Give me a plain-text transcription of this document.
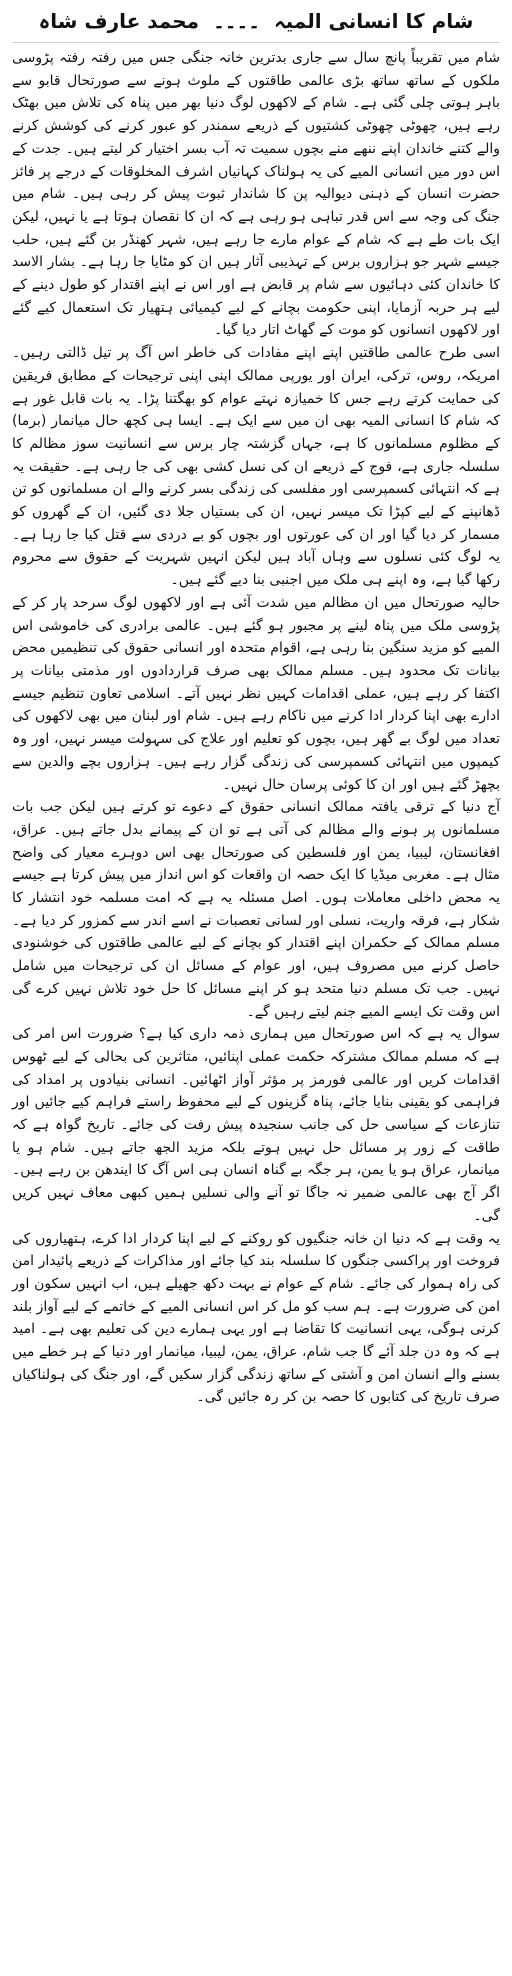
شام کا انسانی المیہ
۔۔۔۔
محمد عارف شاہ

شام میں تقریباً پانچ سال سے جاری بدترین خانہ جنگی جس میں رفتہ رفتہ پڑوسی ملکوں کے ساتھ ساتھ بڑی عالمی طاقتوں کے ملوث ہونے سے صورتحال قابو سے باہر ہوتی چلی گئی ہے۔ شام کے لاکھوں لوگ دنیا بھر میں پناہ کی تلاش میں بھٹک رہے ہیں، چھوٹی چھوٹی کشتیوں کے ذریعے سمندر کو عبور کرنے کی کوشش کرنے والے کتنے خاندان اپنے ننھے منے بچوں سمیت تہ آب بسر اختیار کر لیتے ہیں۔ جدت کے اس دور میں انسانی المیے کی یہ ہولناک کہانیاں اشرف المخلوقات کے درجے پر فائز حضرت انسان کے ذہنی دیوالیہ پن کا شاندار ثبوت پیش کر رہی ہیں۔ شام میں جنگ کی وجہ سے اس قدر تباہی ہو رہی ہے کہ ان کا نقصان ہوتا ہے یا نہیں، لیکن ایک بات طے ہے کہ شام کے عوام مارے جا رہے ہیں، شہر کھنڈر بن گئے ہیں، حلب جیسے شہر جو ہزاروں برس کے تہذیبی آثار ہیں ان کو مٹایا جا رہا ہے۔ بشار الاسد کا خاندان کئی دہائیوں سے شام پر قابض ہے اور اس نے اپنے اقتدار کو طول دینے کے لیے ہر حربہ آزمایا، اپنی حکومت بچانے کے لیے کیمیائی ہتھیار تک استعمال کیے گئے اور لاکھوں انسانوں کو موت کے گھاٹ اتار دیا گیا۔

اسی طرح عالمی طاقتیں اپنے اپنے مفادات کی خاطر اس آگ پر تیل ڈالتی رہیں۔ امریکہ، روس، ترکی، ایران اور یورپی ممالک اپنی اپنی ترجیحات کے مطابق فریقین کی حمایت کرتے رہے جس کا خمیازہ نہتے عوام کو بھگتنا پڑا۔ یہ بات قابل غور ہے کہ شام کا انسانی المیہ بھی ان میں سے ایک ہے۔ ایسا ہی کچھ حال میانمار (برما) کے مظلوم مسلمانوں کا ہے، جہاں گزشتہ چار برس سے انسانیت سوز مظالم کا سلسلہ جاری ہے، فوج کے ذریعے ان کی نسل کشی بھی کی جا رہی ہے۔ حقیقت یہ ہے کہ انتہائی کسمپرسی اور مفلسی کی زندگی بسر کرنے والے ان مسلمانوں کو تن ڈھانپنے کے لیے کپڑا تک میسر نہیں، ان کی بستیاں جلا دی گئیں، ان کے گھروں کو مسمار کر دیا گیا اور ان کی عورتوں اور بچوں کو بے دردی سے قتل کیا جا رہا ہے۔ یہ لوگ کئی نسلوں سے وہاں آباد ہیں لیکن انہیں شہریت کے حقوق سے محروم رکھا گیا ہے، وہ اپنے ہی ملک میں اجنبی بنا دیے گئے ہیں۔

حالیہ صورتحال میں ان مظالم میں شدت آئی ہے اور لاکھوں لوگ سرحد پار کر کے پڑوسی ملک میں پناہ لینے پر مجبور ہو گئے ہیں۔ عالمی برادری کی خاموشی اس المیے کو مزید سنگین بنا رہی ہے، اقوام متحدہ اور انسانی حقوق کی تنظیمیں محض بیانات تک محدود ہیں۔ مسلم ممالک بھی صرف قراردادوں اور مذمتی بیانات پر اکتفا کر رہے ہیں، عملی اقدامات کہیں نظر نہیں آتے۔ اسلامی تعاون تنظیم جیسے ادارے بھی اپنا کردار ادا کرنے میں ناکام رہے ہیں۔ شام اور لبنان میں بھی لاکھوں کی تعداد میں لوگ بے گھر ہیں، بچوں کو تعلیم اور علاج کی سہولت میسر نہیں، اور وہ کیمپوں میں انتہائی کسمپرسی کی زندگی گزار رہے ہیں۔ ہزاروں بچے والدین سے بچھڑ گئے ہیں اور ان کا کوئی پرسان حال نہیں۔

آج دنیا کے ترقی یافتہ ممالک انسانی حقوق کے دعوے تو کرتے ہیں لیکن جب بات مسلمانوں پر ہونے والے مظالم کی آتی ہے تو ان کے پیمانے بدل جاتے ہیں۔ عراق، افغانستان، لیبیا، یمن اور فلسطین کی صورتحال بھی اس دوہرے معیار کی واضح مثال ہے۔ مغربی میڈیا کا ایک حصہ ان واقعات کو اس انداز میں پیش کرتا ہے جیسے یہ محض داخلی معاملات ہوں۔ اصل مسئلہ یہ ہے کہ امت مسلمہ خود انتشار کا شکار ہے، فرقہ واریت، نسلی اور لسانی تعصبات نے اسے اندر سے کمزور کر دیا ہے۔ مسلم ممالک کے حکمران اپنے اقتدار کو بچانے کے لیے عالمی طاقتوں کی خوشنودی حاصل کرنے میں مصروف ہیں، اور عوام کے مسائل ان کی ترجیحات میں شامل نہیں۔ جب تک مسلم دنیا متحد ہو کر اپنے مسائل کا حل خود تلاش نہیں کرے گی اس وقت تک ایسے المیے جنم لیتے رہیں گے۔

سوال یہ ہے کہ اس صورتحال میں ہماری ذمہ داری کیا ہے؟ ضرورت اس امر کی ہے کہ مسلم ممالک مشترکہ حکمت عملی اپنائیں، متاثرین کی بحالی کے لیے ٹھوس اقدامات کریں اور عالمی فورمز پر مؤثر آواز اٹھائیں۔ انسانی بنیادوں پر امداد کی فراہمی کو یقینی بنایا جائے، پناہ گزینوں کے لیے محفوظ راستے فراہم کیے جائیں اور تنازعات کے سیاسی حل کی جانب سنجیدہ پیش رفت کی جائے۔ تاریخ گواہ ہے کہ طاقت کے زور پر مسائل حل نہیں ہوتے بلکہ مزید الجھ جاتے ہیں۔ شام ہو یا میانمار، عراق ہو یا یمن، ہر جگہ بے گناہ انسان ہی اس آگ کا ایندھن بن رہے ہیں۔ اگر آج بھی عالمی ضمیر نہ جاگا تو آنے والی نسلیں ہمیں کبھی معاف نہیں کریں گی۔

یہ وقت ہے کہ دنیا ان خانہ جنگیوں کو روکنے کے لیے اپنا کردار ادا کرے، ہتھیاروں کی فروخت اور پراکسی جنگوں کا سلسلہ بند کیا جائے اور مذاکرات کے ذریعے پائیدار امن کی راہ ہموار کی جائے۔ شام کے عوام نے بہت دکھ جھیلے ہیں، اب انہیں سکون اور امن کی ضرورت ہے۔ ہم سب کو مل کر اس انسانی المیے کے خاتمے کے لیے آواز بلند کرنی ہوگی، یہی انسانیت کا تقاضا ہے اور یہی ہمارے دین کی تعلیم بھی ہے۔ امید ہے کہ وہ دن جلد آئے گا جب شام، عراق، یمن، لیبیا، میانمار اور دنیا کے ہر خطے میں بسنے والے انسان امن و آشتی کے ساتھ زندگی گزار سکیں گے، اور جنگ کی ہولناکیاں صرف تاریخ کی کتابوں کا حصہ بن کر رہ جائیں گی۔
